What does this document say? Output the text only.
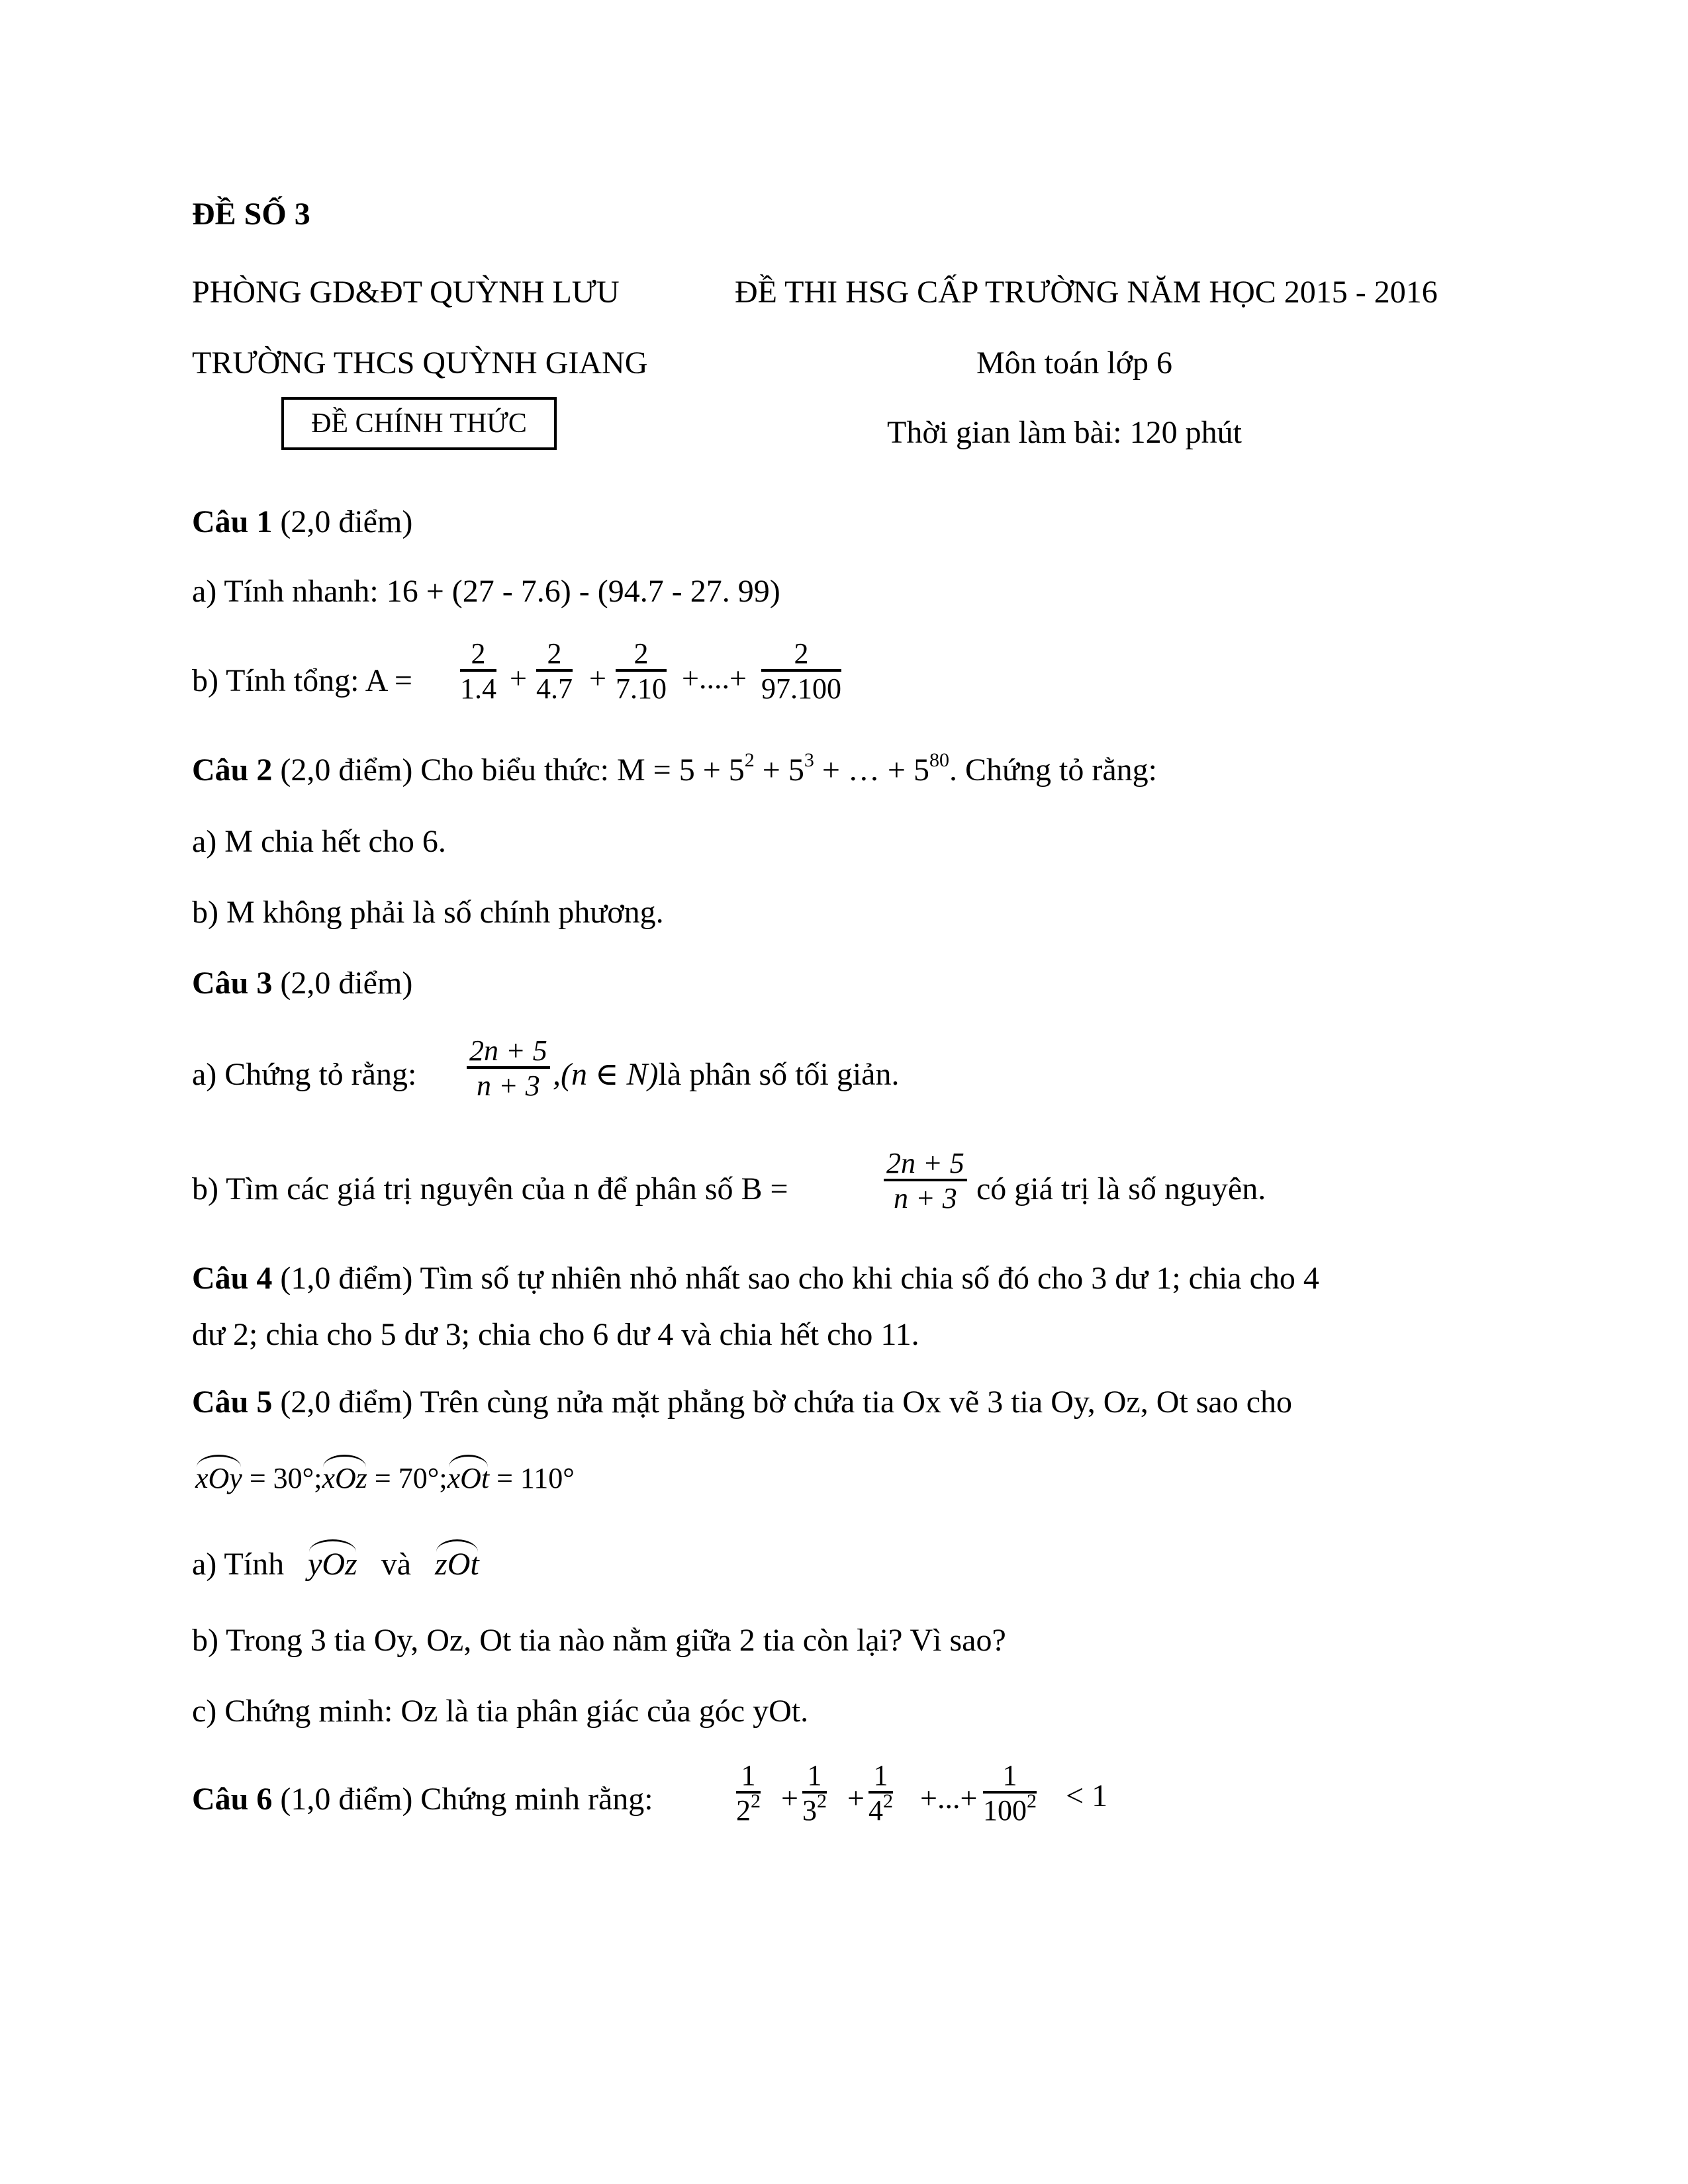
ĐỀ SỐ 3
PHÒNG GD&ĐT QUỲNH LƯU	ĐỀ THI HSG CẤP TRƯỜNG NĂM HỌC 2015 - 2016
TRƯỜNG THCS QUỲNH GIANG	Môn toán lớp 6
ĐỀ CHÍNH THỨC	Thời gian làm bài: 120 phút
Câu 1 (2,0 điểm)
a) Tính nhanh: 16 + (27 - 7.6) - (94.7 - 27. 99)
b) Tính tổng: $A = \frac{2}{1.4} + \frac{2}{4.7} + \frac{2}{7.10}$ +....+ $\frac{2}{97.100}$
Câu 2 (2,0 điểm) Cho biểu thức: $M = 5 + 5^2 + 5^3$ + … + $5^{80}$. Chứng tỏ rằng:
a) M chia hết cho 6.
b) M không phải là số chính phương.
Câu 3 (2,0 điểm)
a) Chứng tỏ rằng: $\frac{2n + 5}{n + 3} ,(n$ ∈ N)là phân số tối giản.
b) Tìm các giá trị nguyên của n để phân số B =	$\frac{2n + 5}{n + 3}$ có giá trị là số nguyên.
Câu 4 (1,0 điểm) Tìm số tự nhiên nhỏ nhất sao cho khi chia số đó cho 3 dư 1; chia cho 4
dư 2; chia cho 5 dư 3; chia cho 6 dư 4 và chia hết cho 11.
Câu 5 (2,0 điểm) Trên cùng nửa mặt phẳng bờ chứa tia Ox vẽ 3 tia Oy, Oz, Ot sao cho
xOy = 30°;
xOz = 70°;
xOt = 110°
a) Tính yOz và zOt
b) Trong 3 tia Oy, Oz, Ot tia nào nằm giữa 2 tia còn lại? Vì sao?
c) Chứng minh: Oz là tia phân giác của góc yOt.
Câu 6 (1,0 điểm) Chứng minh rằng:	$\frac{1}{2^2} + \frac{1}{3^2} + \frac{1}{4^2}$ +...+ $\frac{1}{100^2} < 1$
